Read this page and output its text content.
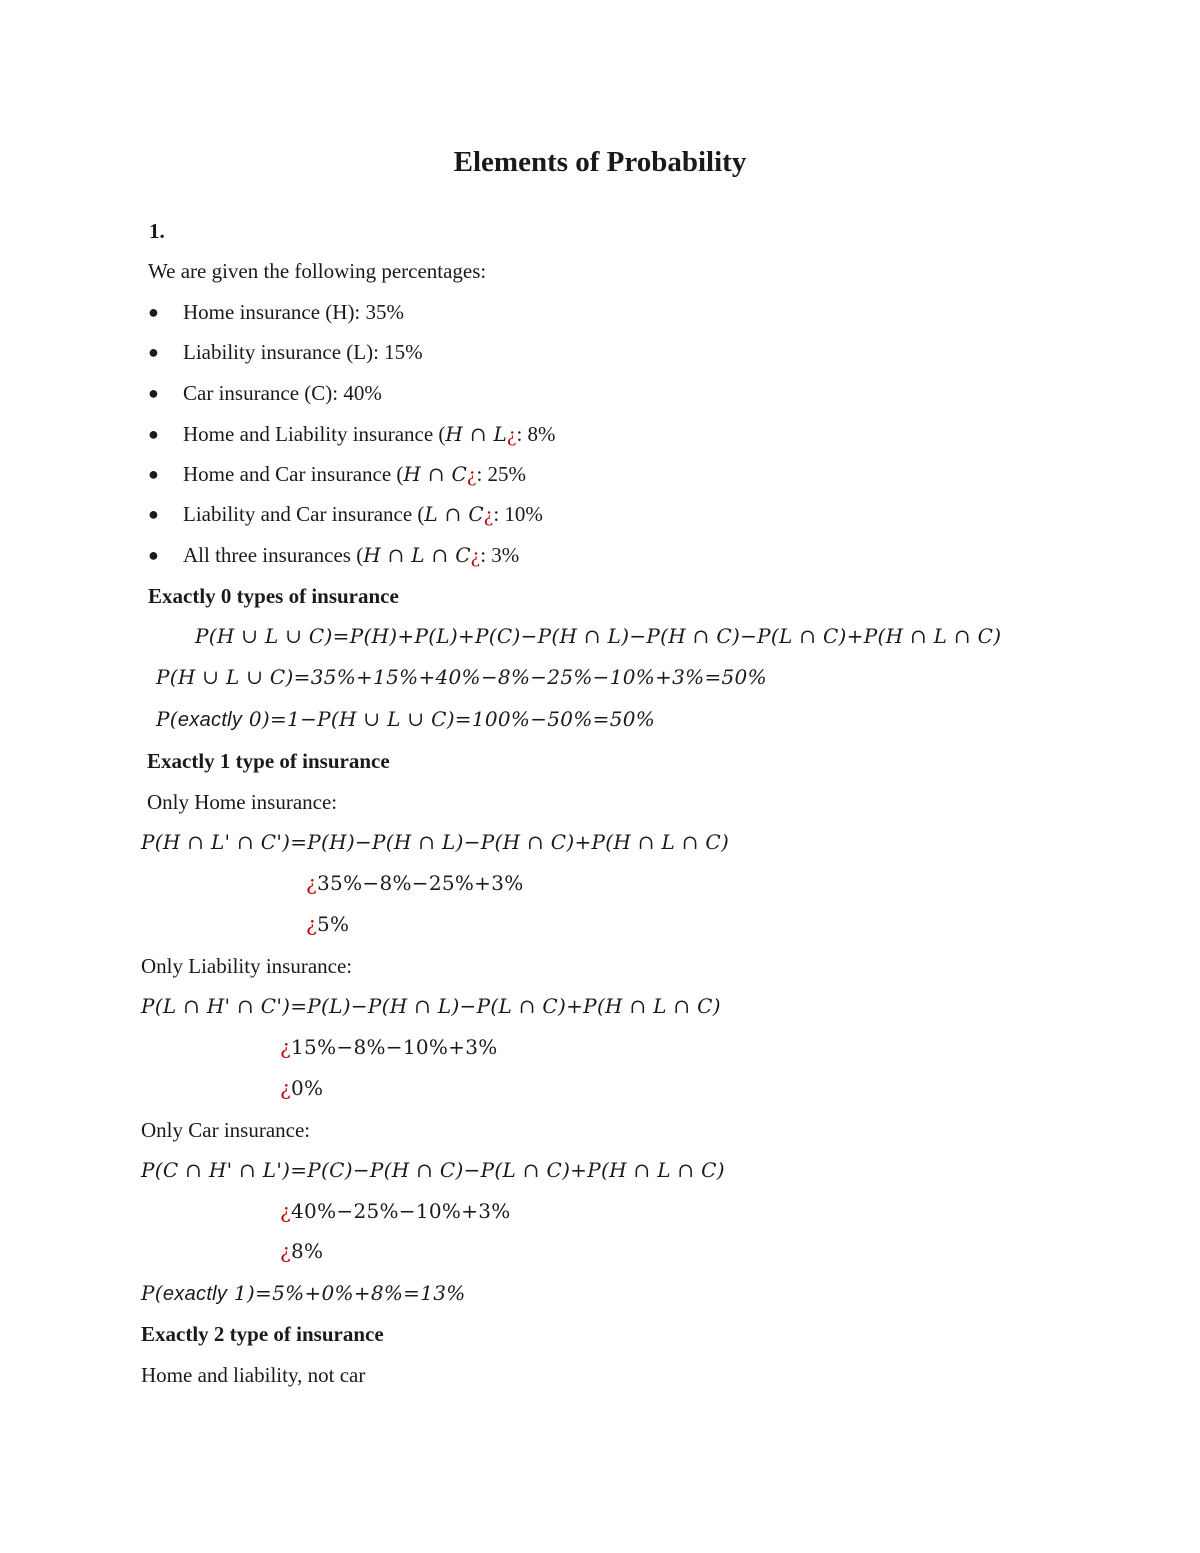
Elements of Probability
1.
We are given the following percentages:
● Home insurance (H): 35%
● Liability insurance (L): 15%
● Car insurance (C): 40%
● Home and Liability insurance (H ∩ L¿: 8%
● Home and Car insurance (H ∩ C¿: 25%
● Liability and Car insurance (L ∩ C¿: 10%
● All three insurances (H ∩ L ∩ C¿: 3%
Exactly 0 types of insurance
P(H ∪ L ∪ C)=P(H)+P(L)+P(C)−P(H ∩ L)−P(H ∩ C)−P(L ∩ C)+P(H ∩ L ∩ C)
P(H ∪ L ∪ C)=35%+15%+40%−8%−25%−10%+3%=50%
P(exactly 0)=1−P(H ∪ L ∪ C)=100%−50%=50%
Exactly 1 type of insurance
Only Home insurance:
P(H ∩ L' ∩ C')=P(H)−P(H ∩ L)−P(H ∩ C)+P(H ∩ L ∩ C)
¿35%−8%−25%+3%
¿5%
Only Liability insurance:
P(L ∩ H' ∩ C')=P(L)−P(H ∩ L)−P(L ∩ C)+P(H ∩ L ∩ C)
¿15%−8%−10%+3%
¿0%
Only Car insurance:
P(C ∩ H' ∩ L')=P(C)−P(H ∩ C)−P(L ∩ C)+P(H ∩ L ∩ C)
¿40%−25%−10%+3%
¿8%
P(exactly 1)=5%+0%+8%=13%
Exactly 2 type of insurance
Home and liability, not car
